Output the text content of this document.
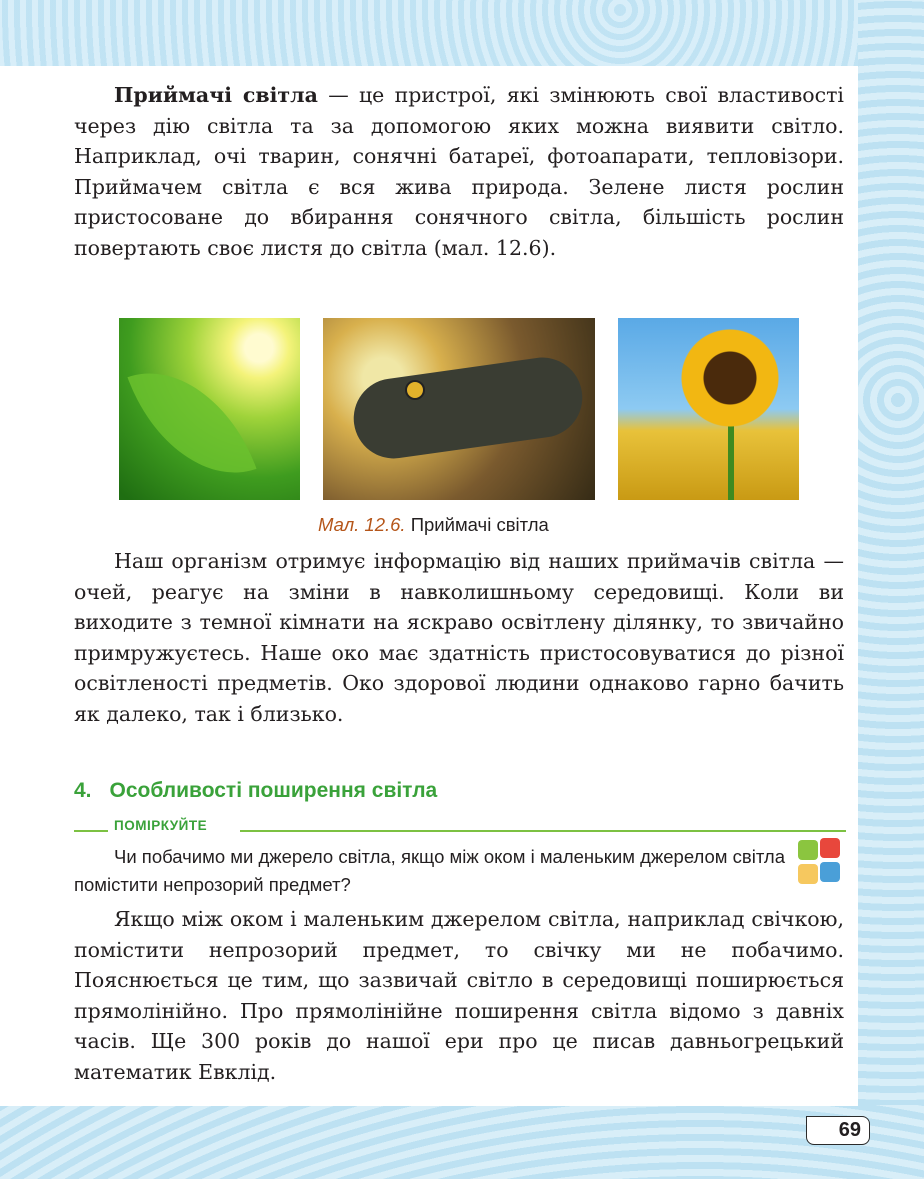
Приймачі світла — це пристрої, які змінюють свої властивості через дію світла та за допомогою яких можна виявити світло. Наприклад, очі тварин, сонячні батареї, фотоапарати, тепловізори. Приймачем світла є вся жива природа. Зелене листя рослин пристосоване до вбирання сонячного світла, більшість рослин повертають своє листя до світла (мал. 12.6).

Мал. 12.6. Приймачі світла

Наш організм отримує інформацію від наших приймачів світла — очей, реагує на зміни в навколишньому середовищі. Коли ви виходите з темної кімнати на яскраво освітлену ділянку, то звичайно примружуєтесь. Наше око має здатність пристосовуватися до різної освітленості предметів. Око здорової людини однаково гарно бачить як далеко, так і близько.

4. Особливості поширення світла
ПОМІРКУЙТЕ

Чи побачимо ми джерело світла, якщо між оком і маленьким джерелом світла помістити непрозорий предмет?

Якщо між оком і маленьким джерелом світла, наприклад свічкою, помістити непрозорий предмет, то свічку ми не побачимо. Пояснюється це тим, що зазвичай світло в середовищі поширюється прямолінійно. Про прямолінійне поширення світла відомо з давніх часів. Ще 300 років до нашої ери про це писав давньогрецький математик Евклід.

69
